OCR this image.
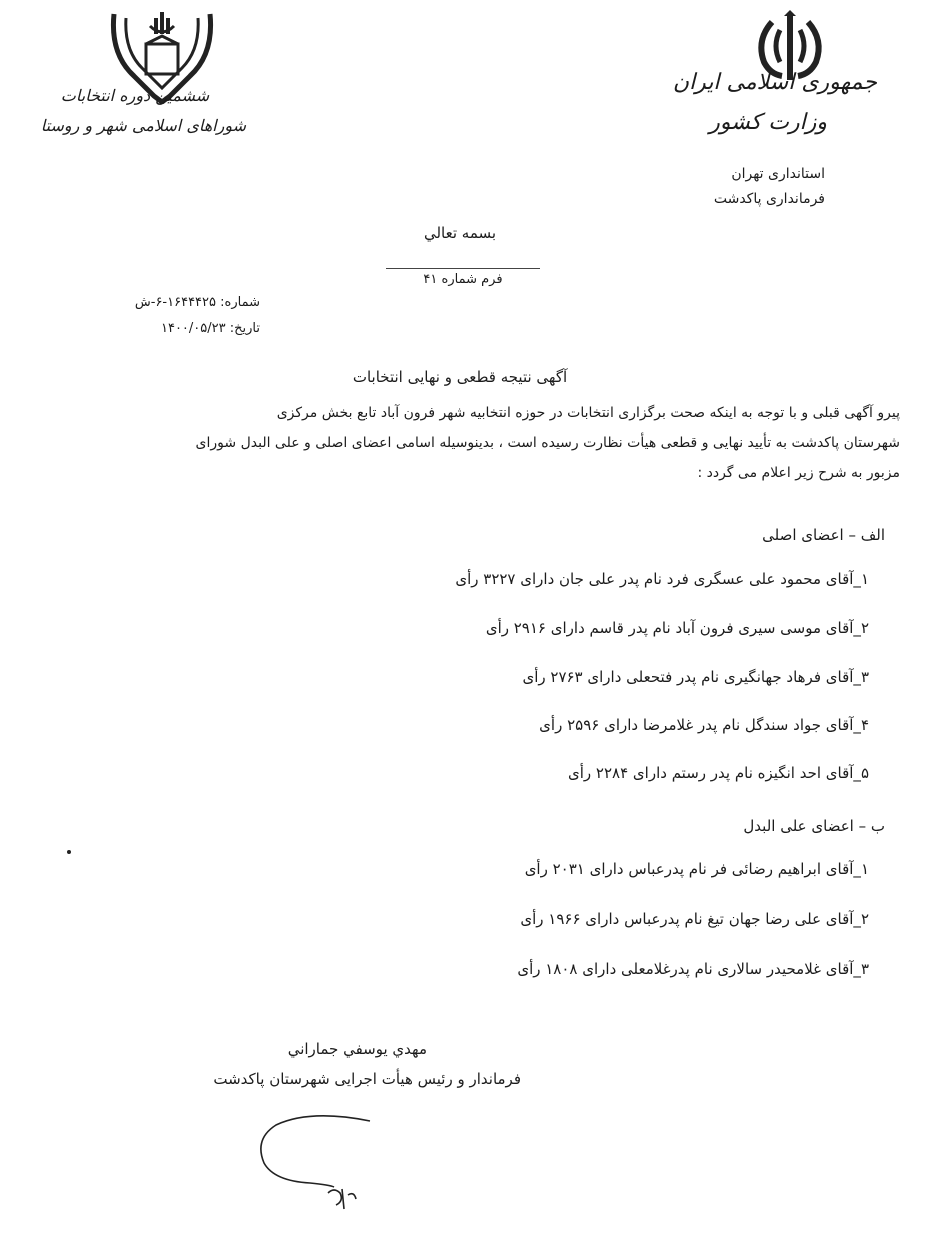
ششمین دوره انتخابات
شوراهای اسلامی شهر و روستا
جمهوری اسلامی ایران
وزارت کشور
استانداری تهران
فرمانداری پاکدشت
بسمه تعالي
فرم شماره ۴۱
شماره: ۱۶۴۴۴۲۵-۶-ش
تاریخ: ۱۴۰۰/۰۵/۲۳
آگهی نتیجه قطعی و نهایی انتخابات
پیرو آگهی قبلی و با توجه به اینکه صحت برگزاری انتخابات در حوزه انتخابیه شهر فرون آباد تابع بخش مرکزی
شهرستان پاکدشت به تأیید نهایی و قطعی هیأت نظارت رسیده است ، بدینوسیله اسامی اعضای اصلی و علی البدل شورای
مزبور به شرح زیر اعلام می گردد :
الف – اعضای اصلی
۱_آقای محمود علی عسگری فرد نام پدر علی جان دارای ۳۲۲۷ رأی
۲_آقای موسی سیری فرون آباد نام پدر قاسم دارای ۲۹۱۶ رأی
۳_آقای فرهاد جهانگیری نام پدر فتحعلی دارای ۲۷۶۳ رأی
۴_آقای جواد سندگل نام پدر غلامرضا دارای ۲۵۹۶ رأی
۵_آقای احد انگیزه نام پدر رستم دارای ۲۲۸۴ رأی
ب – اعضای علی البدل
۱_آقای ابراهیم رضائی فر نام پدرعباس دارای ۲۰۳۱ رأی
۲_آقای علی رضا جهان تیغ نام پدرعباس دارای ۱۹۶۶ رأی
۳_آقای غلامحیدر سالاری نام پدرغلامعلی دارای ۱۸۰۸ رأی
مهدي يوسفي جماراني
فرماندار و رئیس هیأت اجرایی شهرستان پاکدشت
